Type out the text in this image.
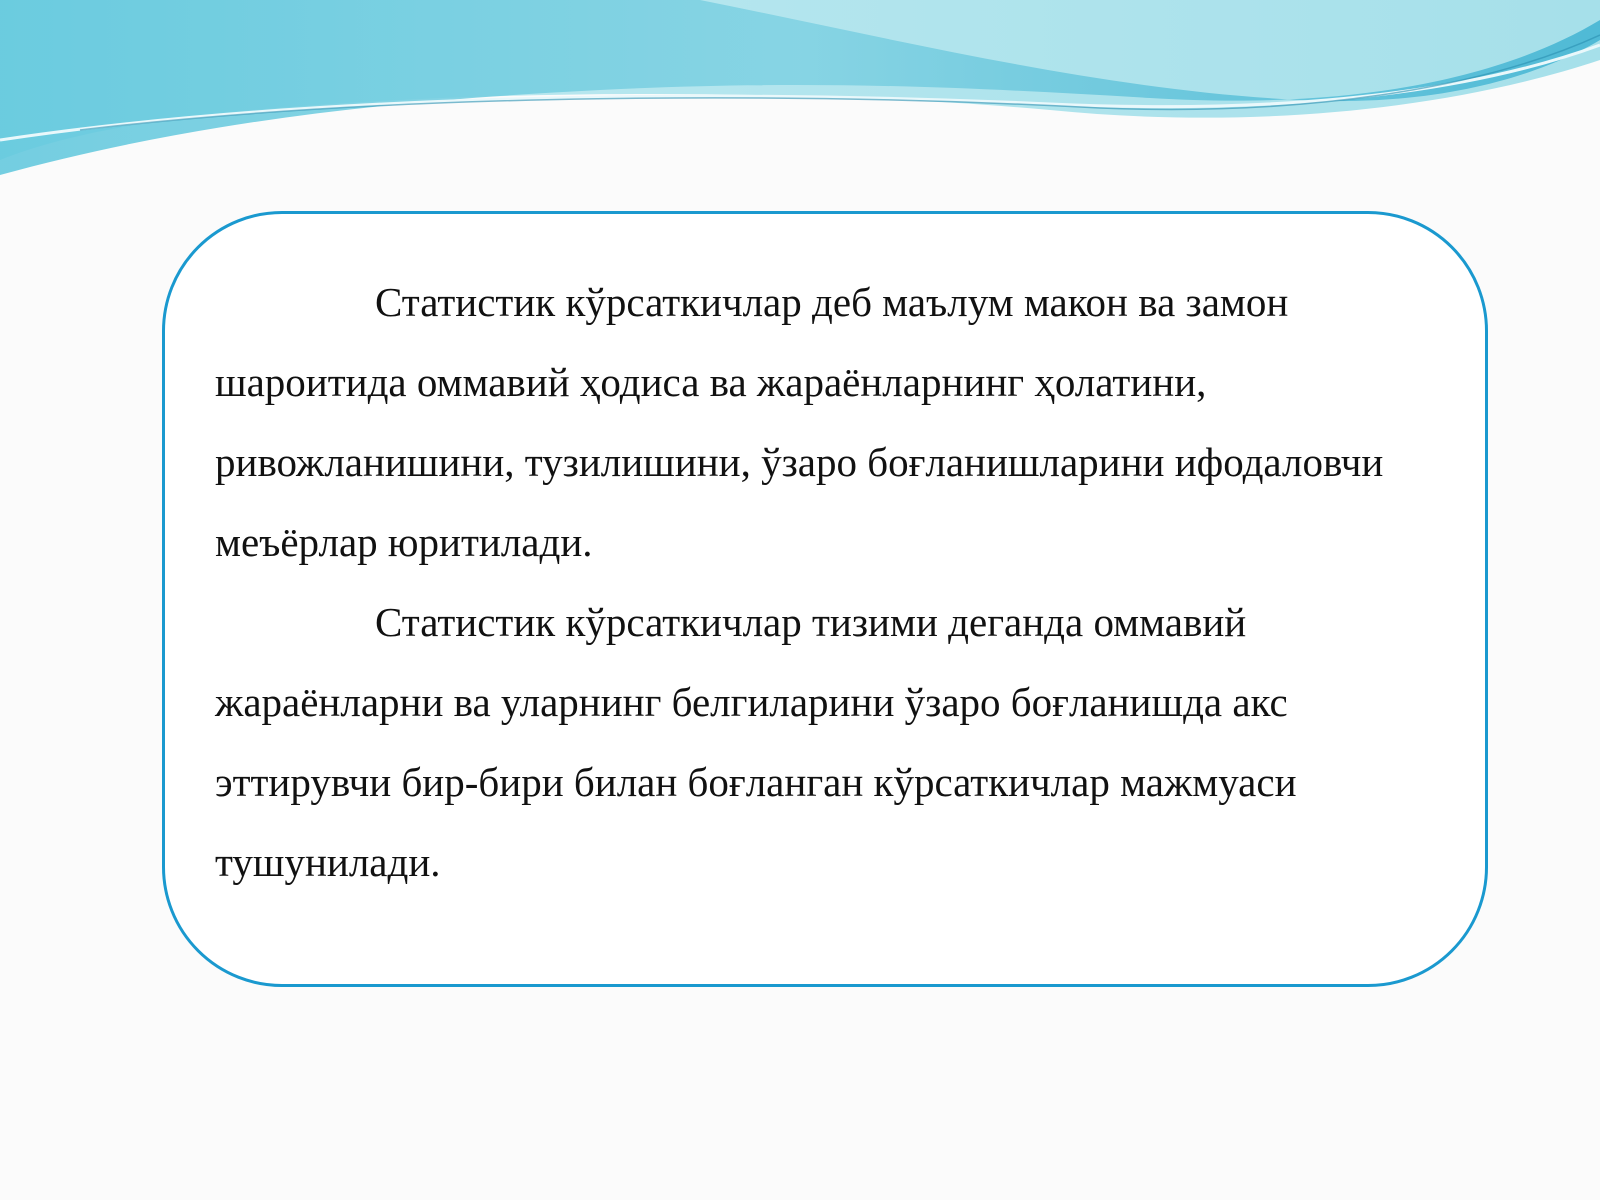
Статистик кўрсаткичлар деб маълум макон ва замон шароитида оммавий ҳодиса ва жараёнларнинг ҳолатини, ривожланишини, тузилишини, ўзаро боғланишларини ифодаловчи меъёрлар юритилади.

Статистик кўрсаткичлар тизими деганда оммавий жараёнларни ва уларнинг белгиларини ўзаро боғланишда акс эттирувчи бир-бири билан боғланган кўрсаткичлар мажмуаси тушунилади.
